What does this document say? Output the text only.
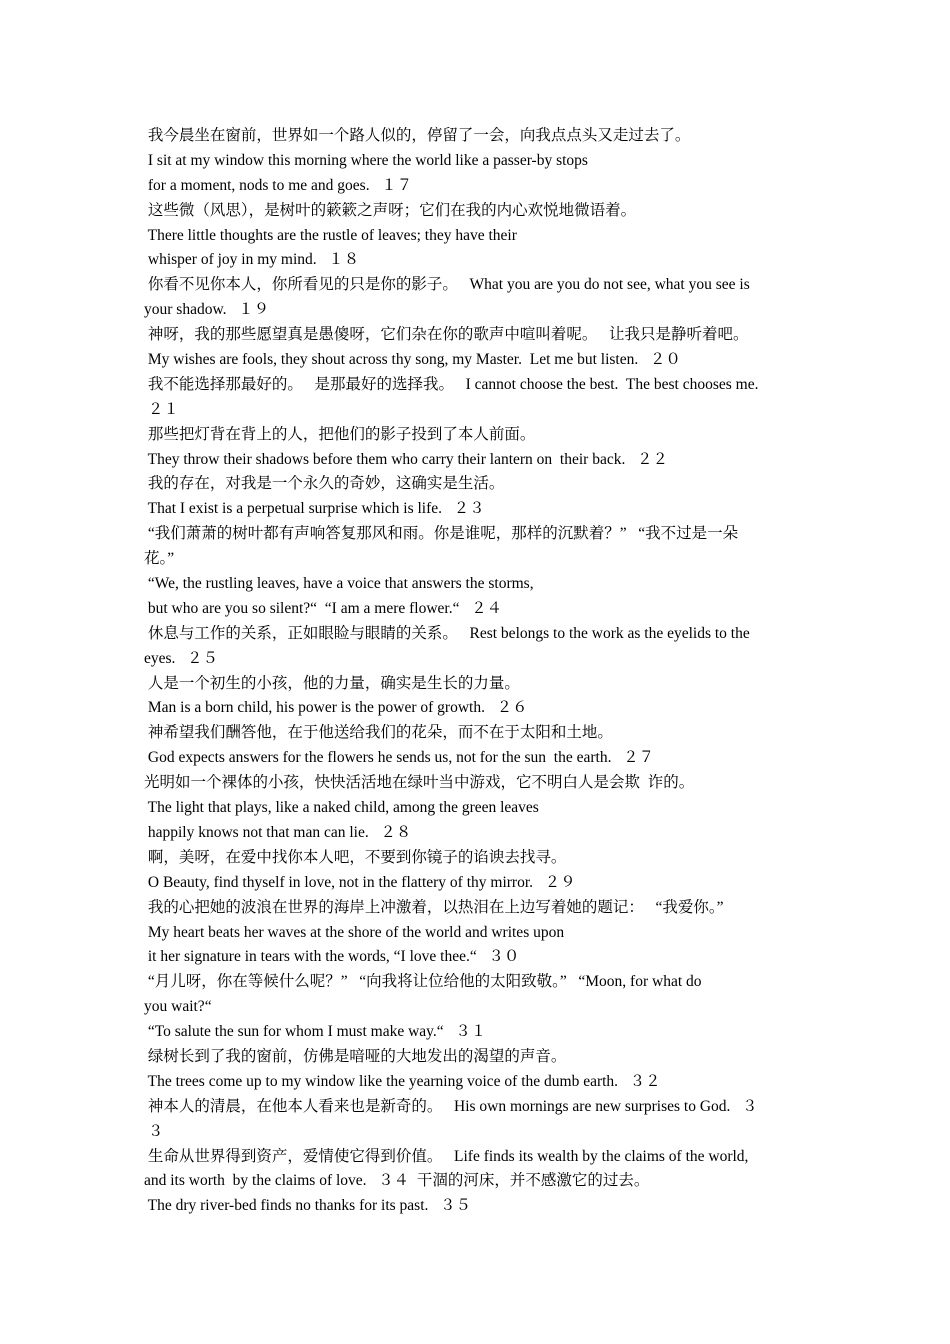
我今晨坐在窗前，世界如一个路人似的，停留了一会，向我点点头又走过去了。
I sit at my window this morning where the world like a passer-by stops
for a moment, nods to me and goes.   １７
这些微（风思），是树叶的簌簌之声呀；它们在我的内心欢悦地微语着。
There little thoughts are the rustle of leaves; they have their
whisper of joy in my mind.   １８
你看不见你本人，你所看见的只是你的影子。   What you are you do not see, what you see is
your shadow.   １９
神呀，我的那些愿望真是愚傻呀，它们杂在你的歌声中喧叫着呢。   让我只是静听着吧。
My wishes are fools, they shout across thy song, my Master.  Let me but listen.   ２０
我不能选择那最好的。   是那最好的选择我。   I cannot choose the best.  The best chooses me.
２１
那些把灯背在背上的人，把他们的影子投到了本人前面。
They throw their shadows before them who carry their lantern on  their back.   ２２
我的存在，对我是一个永久的奇妙，这确实是生活。
That I exist is a perpetual surprise which is life.   ２３
“我们萧萧的树叶都有声响答复那风和雨。你是谁呢，那样的沉默着？”   “我不过是一朵
花。”
“We, the rustling leaves, have a voice that answers the storms,
but who are you so silent?“  “I am a mere flower.“   ２４
休息与工作的关系，正如眼睑与眼睛的关系。   Rest belongs to the work as the eyelids to the
eyes.   ２５
人是一个初生的小孩，他的力量，确实是生长的力量。
Man is a born child, his power is the power of growth.   ２６
神希望我们酬答他，在于他送给我们的花朵，而不在于太阳和土地。
God expects answers for the flowers he sends us, not for the sun  the earth.   ２７
光明如一个裸体的小孩，快快活活地在绿叶当中游戏，它不明白人是会欺  诈的。
The light that plays, like a naked child, among the green leaves
happily knows not that man can lie.   ２８
啊，美呀，在爱中找你本人吧，不要到你镜子的谄谀去找寻。
O Beauty, find thyself in love, not in the flattery of thy mirror.   ２９
我的心把她的波浪在世界的海岸上冲激着，以热泪在上边写着她的题记：   “我爱你。”
My heart beats her waves at the shore of the world and writes upon
it her signature in tears with the words, “I love thee.“   ３０
“月儿呀，你在等候什么呢？”   “向我将让位给他的太阳致敬。”   “Moon, for what do
you wait?“
“To salute the sun for whom I must make way.“   ３１
绿树长到了我的窗前，仿佛是喑哑的大地发出的渴望的声音。
The trees come up to my window like the yearning voice of the dumb earth.   ３２
神本人的清晨，在他本人看来也是新奇的。   His own mornings are new surprises to God.   ３
３
生命从世界得到资产，爱情使它得到价值。   Life finds its wealth by the claims of the world,
and its worth  by the claims of love.   ３４  干涸的河床，并不感激它的过去。
The dry river-bed finds no thanks for its past.   ３５
